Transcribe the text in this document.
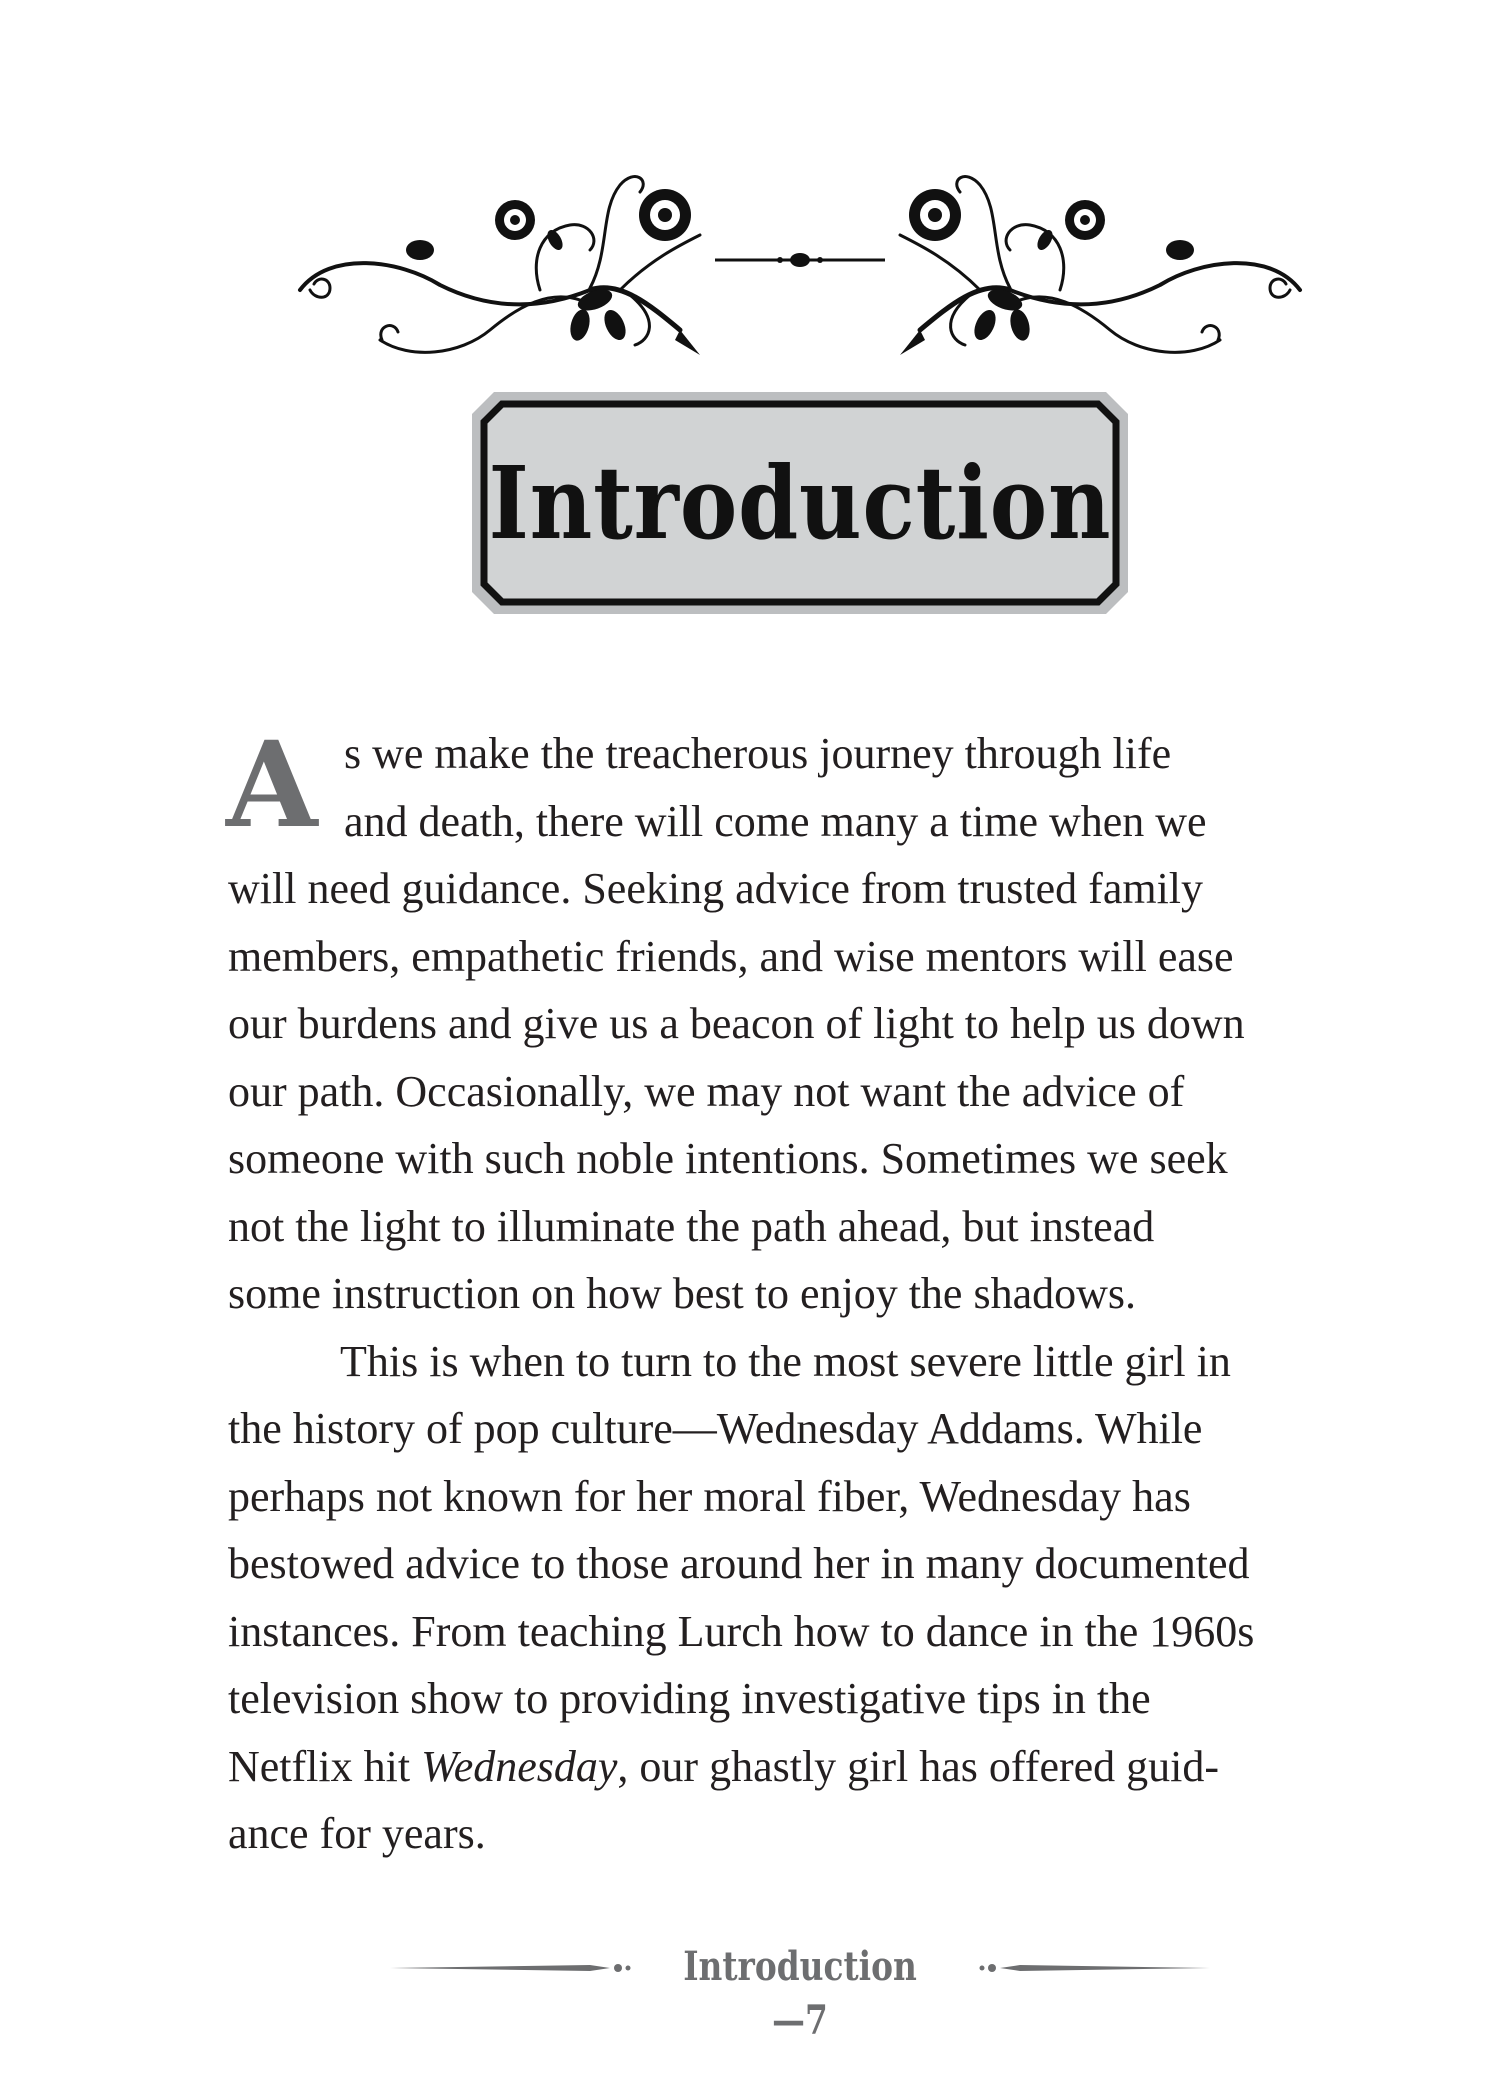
Introduction
A s we make the treacherous journey through life
and death, there will come many a time when we
will need guidance. Seeking advice from trusted family
members, empathetic friends, and wise mentors will ease
our burdens and give us a beacon of light to help us down
our path. Occasionally, we may not want the advice of
someone with such noble intentions. Sometimes we seek
not the light to illuminate the path ahead, but instead
some instruction on how best to enjoy the shadows.
This is when to turn to the most severe little girl in
the history of pop culture—Wednesday Addams. While
perhaps not known for her moral fiber, Wednesday has
bestowed advice to those around her in many documented
instances. From teaching Lurch how to dance in the 1960s
television show to providing investigative tips in the
Netflix hit Wednesday, our ghastly girl has offered guid-
ance for years.
Introduction—7
